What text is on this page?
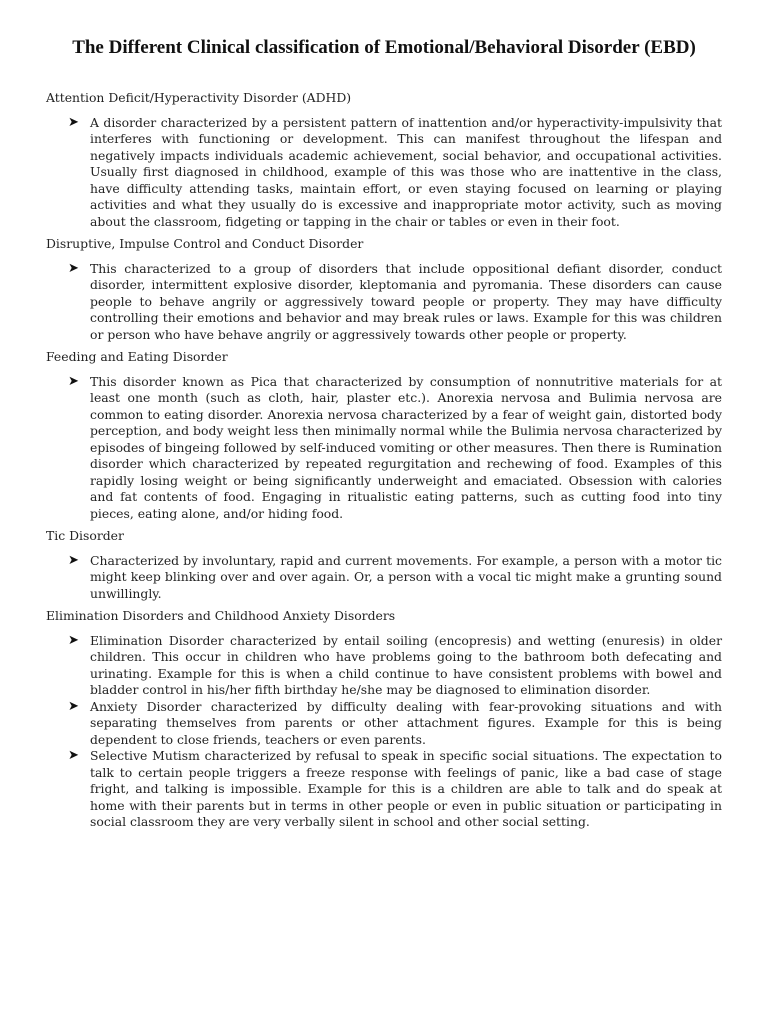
The Different Clinical classification of Emotional/Behavioral Disorder (EBD)

Attention Deficit/Hyperactivity Disorder (ADHD)

➤ A disorder characterized by a persistent pattern of inattention and/or hyperactivity-impulsivity that interferes with functioning or development. This can manifest throughout the lifespan and negatively impacts individuals academic achievement, social behavior, and occupational activities. Usually first diagnosed in childhood, example of this was those who are inattentive in the class, have difficulty attending tasks, maintain effort, or even staying focused on learning or playing activities and what they usually do is excessive and inappropriate motor activity, such as moving about the classroom, fidgeting or tapping in the chair or tables or even in their foot.

Disruptive, Impulse Control and Conduct Disorder

➤ This characterized to a group of disorders that include oppositional defiant disorder, conduct disorder, intermittent explosive disorder, kleptomania and pyromania. These disorders can cause people to behave angrily or aggressively toward people or property. They may have difficulty controlling their emotions and behavior and may break rules or laws. Example for this was children or person who have behave angrily or aggressively towards other people or property.

Feeding and Eating Disorder

➤ This disorder known as Pica that characterized by consumption of nonnutritive materials for at least one month (such as cloth, hair, plaster etc.). Anorexia nervosa and Bulimia nervosa are common to eating disorder. Anorexia nervosa characterized by a fear of weight gain, distorted body perception, and body weight less then minimally normal while the Bulimia nervosa characterized by episodes of bingeing followed by self-induced vomiting or other measures. Then there is Rumination disorder which characterized by repeated regurgitation and rechewing of food. Examples of this rapidly losing weight or being significantly underweight and emaciated. Obsession with calories and fat contents of food. Engaging in ritualistic eating patterns, such as cutting food into tiny pieces, eating alone, and/or hiding food.

Tic Disorder

➤ Characterized by involuntary, rapid and current movements. For example, a person with a motor tic might keep blinking over and over again. Or, a person with a vocal tic might make a grunting sound unwillingly.

Elimination Disorders and Childhood Anxiety Disorders

➤ Elimination Disorder characterized by entail soiling (encopresis) and wetting (enuresis) in older children. This occur in children who have problems going to the bathroom both defecating and urinating. Example for this is when a child continue to have consistent problems with bowel and bladder control in his/her fifth birthday he/she may be diagnosed to elimination disorder.

➤ Anxiety Disorder characterized by difficulty dealing with fear-provoking situations and with separating themselves from parents or other attachment figures. Example for this is being dependent to close friends, teachers or even parents.

➤ Selective Mutism characterized by refusal to speak in specific social situations. The expectation to talk to certain people triggers a freeze response with feelings of panic, like a bad case of stage fright, and talking is impossible. Example for this is a children are able to talk and do speak at home with their parents but in terms in other people or even in public situation or participating in social classroom they are very verbally silent in school and other social setting.
